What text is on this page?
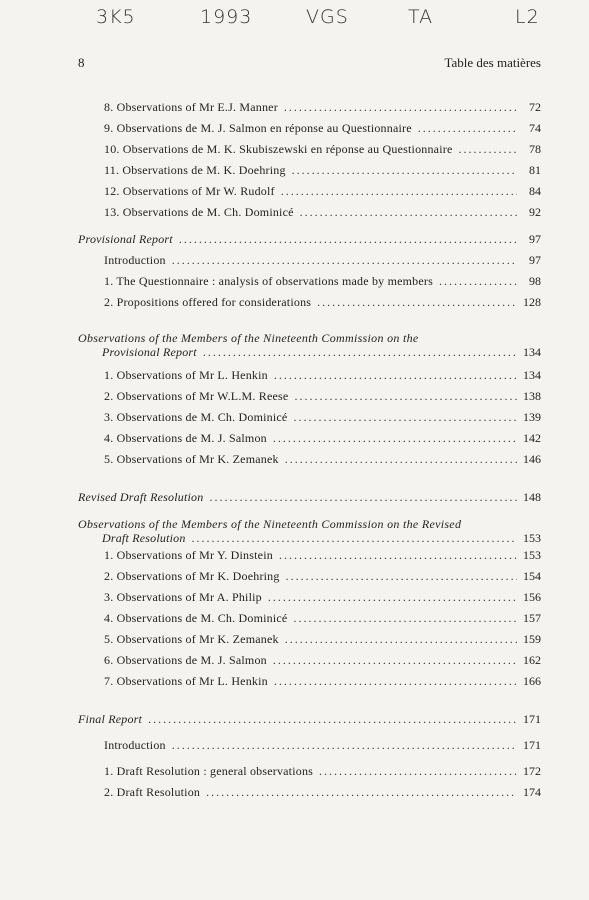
3K5	1993	VGS	TA	L2
8	Table des matières
8. Observations of Mr E.J. Manner .....	72
9. Observations de M. J. Salmon en réponse au Questionnaire .....	74
10. Observations de M. K. Skubiszewski en réponse au Questionnaire .....	78
11. Observations de M. K. Doehring .....	81
12. Observations of Mr W. Rudolf .....	84
13. Observations de M. Ch. Dominicé .....	92
Provisional Report .....	97
Introduction .....	97
1. The Questionnaire : analysis of observations made by members .....	98
2. Propositions offered for considerations .....	128
Observations of the Members of the Nineteenth Commission on the
Provisional Report .....	134
1. Observations of Mr L. Henkin .....	134
2. Observations of Mr W.L.M. Reese .....	138
3. Observations de M. Ch. Dominicé .....	139
4. Observations de M. J. Salmon .....	142
5. Observations of Mr K. Zemanek .....	146
Revised Draft Resolution .....	148
Observations of the Members of the Nineteenth Commission on the Revised
Draft Resolution .....	153
1. Observations of Mr Y. Dinstein .....	153
2. Observations of Mr K. Doehring .....	154
3. Observations of Mr A. Philip .....	156
4. Observations de M. Ch. Dominicé .....	157
5. Observations of Mr K. Zemanek .....	159
6. Observations de M. J. Salmon .....	162
7. Observations of Mr L. Henkin .....	166
Final Report .....	171
Introduction .....	171
1. Draft Resolution : general observations .....	172
2. Draft Resolution .....	174
